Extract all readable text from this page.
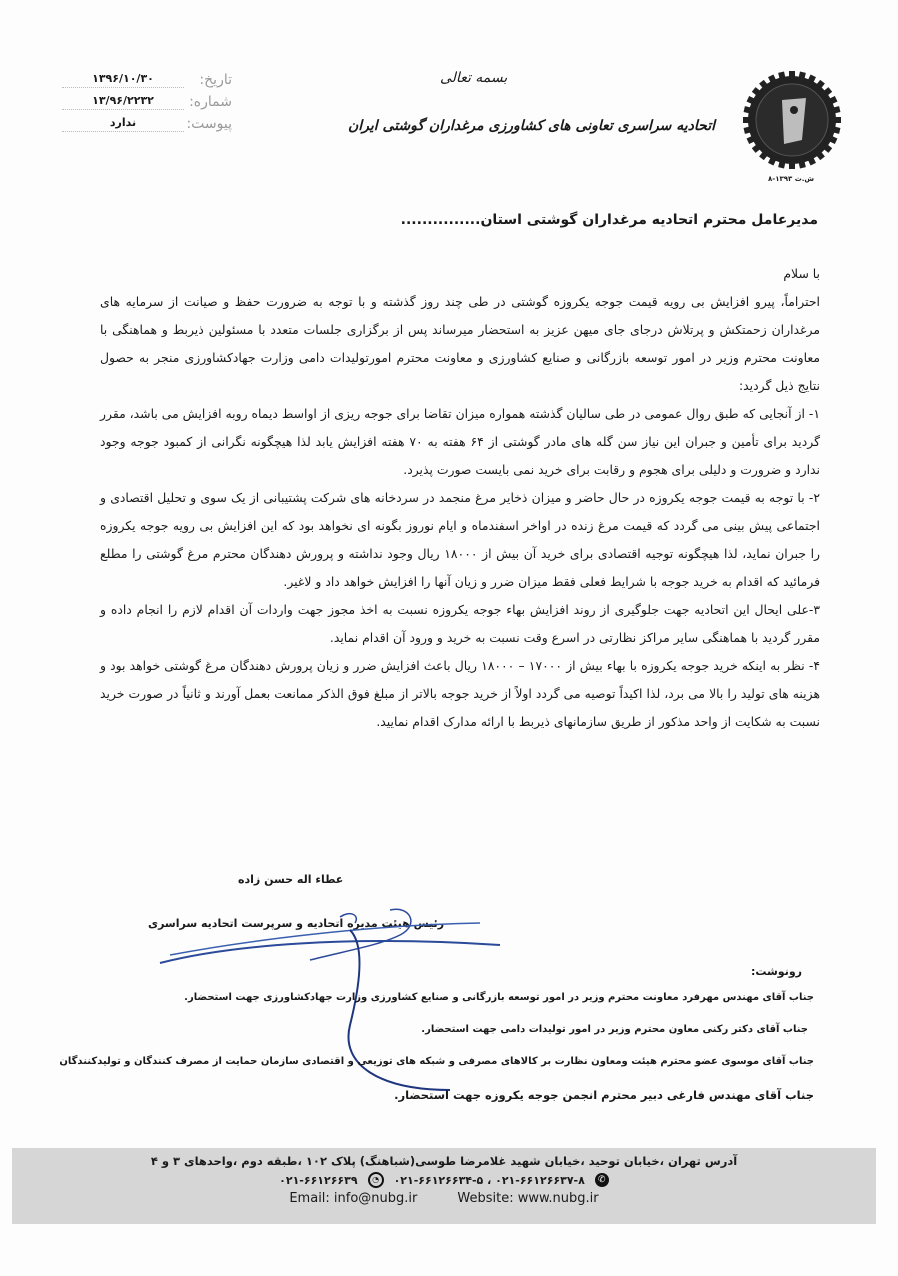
تاریخ:
۱۳۹۶/۱۰/۳۰
شماره:
۱۳/۹۶/۲۲۳۲
پیوست:
ندارد
بسمه تعالی
اتحادیه سراسری تعاونی های کشاورزی مرغداران گوشتی ایران
ش.ث ۱۳۹۳-۸
مدیرعامل محترم اتحادیه مرغداران گوشتی استان...............

با سلام

احتراماً، پیرو افزایش بی رویه قیمت جوجه یکروزه گوشتی در طی چند روز گذشته و با توجه به ضرورت حفظ و صیانت از سرمایه های مرغداران زحمتکش و پرتلاش درجای جای میهن عزیز به استحضار میرساند پس از برگزاری جلسات متعدد با مسئولین ذیربط و هماهنگی با معاونت محترم وزیر در امور توسعه بازرگانی و صنایع کشاورزی و معاونت محترم امورتولیدات دامی وزارت جهادکشاورزی منجر به حصول نتایج ذیل گردید:

۱- از آنجایی که طبق روال عمومی در طی سالیان گذشته همواره میزان تقاضا برای جوجه ریزی از اواسط دیماه روبه افزایش می باشد، مقرر گردید برای تأمین و جبران این نیاز سن گله های مادر گوشتی از ۶۴ هفته به ۷۰ هفته افزایش یابد لذا هیچگونه نگرانی از کمبود جوجه وجود ندارد و ضرورت و دلیلی برای هجوم و رقابت برای خرید نمی بایست صورت پذیرد.

۲- با توجه به قیمت جوجه یکروزه در حال حاضر و میزان ذخایر مرغ منجمد در سردخانه های شرکت پشتیبانی از یک سوی و تحلیل اقتصادی و اجتماعی پیش بینی می گردد که قیمت مرغ زنده در اواخر اسفندماه و ایام نوروز بگونه ای نخواهد بود که این افزایش بی رویه جوجه یکروزه را جبران نماید، لذا هیچگونه توجیه اقتصادی برای خرید آن بیش از ۱۸۰۰۰ ریال وجود نداشته و پرورش دهندگان محترم مرغ گوشتی را مطلع فرمائید که اقدام به خرید جوجه با شرایط فعلی فقط میزان ضرر و زیان آنها را افزایش خواهد داد و لاغیر.

۳-علی ایحال این اتحادیه جهت جلوگیری از روند افزایش بهاء جوجه یکروزه نسبت به اخذ مجوز جهت واردات آن اقدام لازم را انجام داده و مقرر گردید با هماهنگی سایر مراکز نظارتی در اسرع وقت نسبت به خرید و ورود آن اقدام نماید.

۴- نظر به اینکه خرید جوجه یکروزه با بهاء بیش از ۱۷۰۰۰ – ۱۸۰۰۰ ریال باعث افزایش ضرر و زیان پرورش دهندگان مرغ گوشتی خواهد بود و هزینه های تولید را بالا می برد، لذا اکیداً توصیه می گردد اولاً از خرید جوجه بالاتر از مبلغ فوق الذکر ممانعت بعمل آورند و ثانیاً در صورت خرید نسبت به شکایت از واحد مذکور از طریق سازمانهای ذیربط با ارائه مدارک اقدام نمایید.

عطاء اله حسن زاده
رئیس هیئت مدیره اتحادیه و سرپرست اتحادیه سراسری
رونوشت:
جناب آقای مهندس مهرفرد معاونت محترم وزیر در امور توسعه بازرگانی و صنایع کشاورزی وزارت جهادکشاورزی جهت استحضار.
جناب آقای دکتر رکنی معاون محترم وزیر در امور تولیدات دامی جهت استحضار.
جناب آقای موسوی عضو محترم هیئت ومعاون نظارت بر کالاهای مصرفی و شبکه های توزیعی و اقتصادی سازمان حمایت از مصرف کنندگان و تولیدکنندگان
جناب آقای مهندس فارغی دبیر محترم انجمن جوجه یکروزه جهت استحضار.
آدرس تهران ،خیابان توحید ،خیابان شهید غلامرضا طوسی(شباهنگ) پلاک ۱۰۲ ،طبقه دوم ،واحدهای ۳ و ۴
۰۲۱-۶۶۱۲۶۶۳۹	◔	۰۲۱-۶۶۱۲۶۶۳۷-۸ ، ۰۲۱-۶۶۱۲۶۶۳۴-۵	✆
Email: info@nubg.ir	Website: www.nubg.ir
